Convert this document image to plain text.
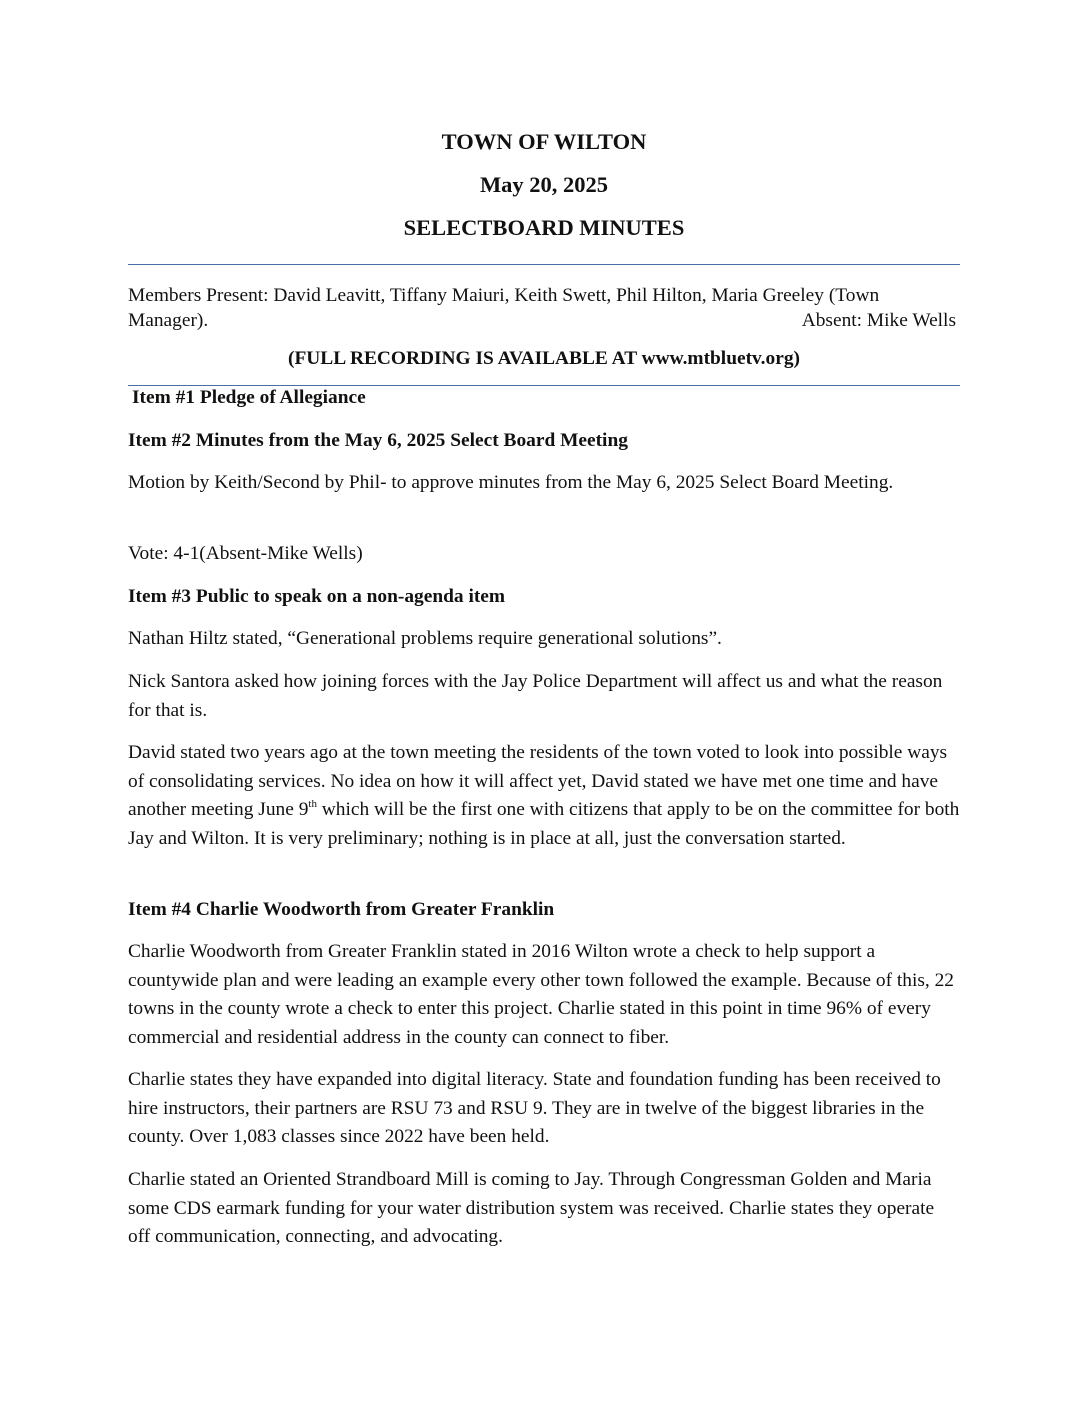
TOWN OF WILTON
May 20, 2025
SELECTBOARD MINUTES
Members Present: David Leavitt, Tiffany Maiuri, Keith Swett, Phil Hilton, Maria Greeley (Town
Manager).	Absent: Mike Wells
(FULL RECORDING IS AVAILABLE AT www.mtbluetv.org)
Item #1 Pledge of Allegiance
Item #2 Minutes from the May 6, 2025 Select Board Meeting
Motion by Keith/Second by Phil- to approve minutes from the May 6, 2025 Select Board Meeting.
Vote: 4-1(Absent-Mike Wells)
Item #3 Public to speak on a non-agenda item
Nathan Hiltz stated, “Generational problems require generational solutions”.
Nick Santora asked how joining forces with the Jay Police Department will affect us and what the reason for that is.
David stated two years ago at the town meeting the residents of the town voted to look into possible ways of consolidating services. No idea on how it will affect yet, David stated we have met one time and have another meeting June 9th which will be the first one with citizens that apply to be on the committee for both Jay and Wilton. It is very preliminary; nothing is in place at all, just the conversation started.
Item #4 Charlie Woodworth from Greater Franklin
Charlie Woodworth from Greater Franklin stated in 2016 Wilton wrote a check to help support a countywide plan and were leading an example every other town followed the example. Because of this, 22 towns in the county wrote a check to enter this project. Charlie stated in this point in time 96% of every commercial and residential address in the county can connect to fiber.
Charlie states they have expanded into digital literacy. State and foundation funding has been received to hire instructors, their partners are RSU 73 and RSU 9. They are in twelve of the biggest libraries in the county. Over 1,083 classes since 2022 have been held.
Charlie stated an Oriented Strandboard Mill is coming to Jay. Through Congressman Golden and Maria some CDS earmark funding for your water distribution system was received. Charlie states they operate off communication, connecting, and advocating.
